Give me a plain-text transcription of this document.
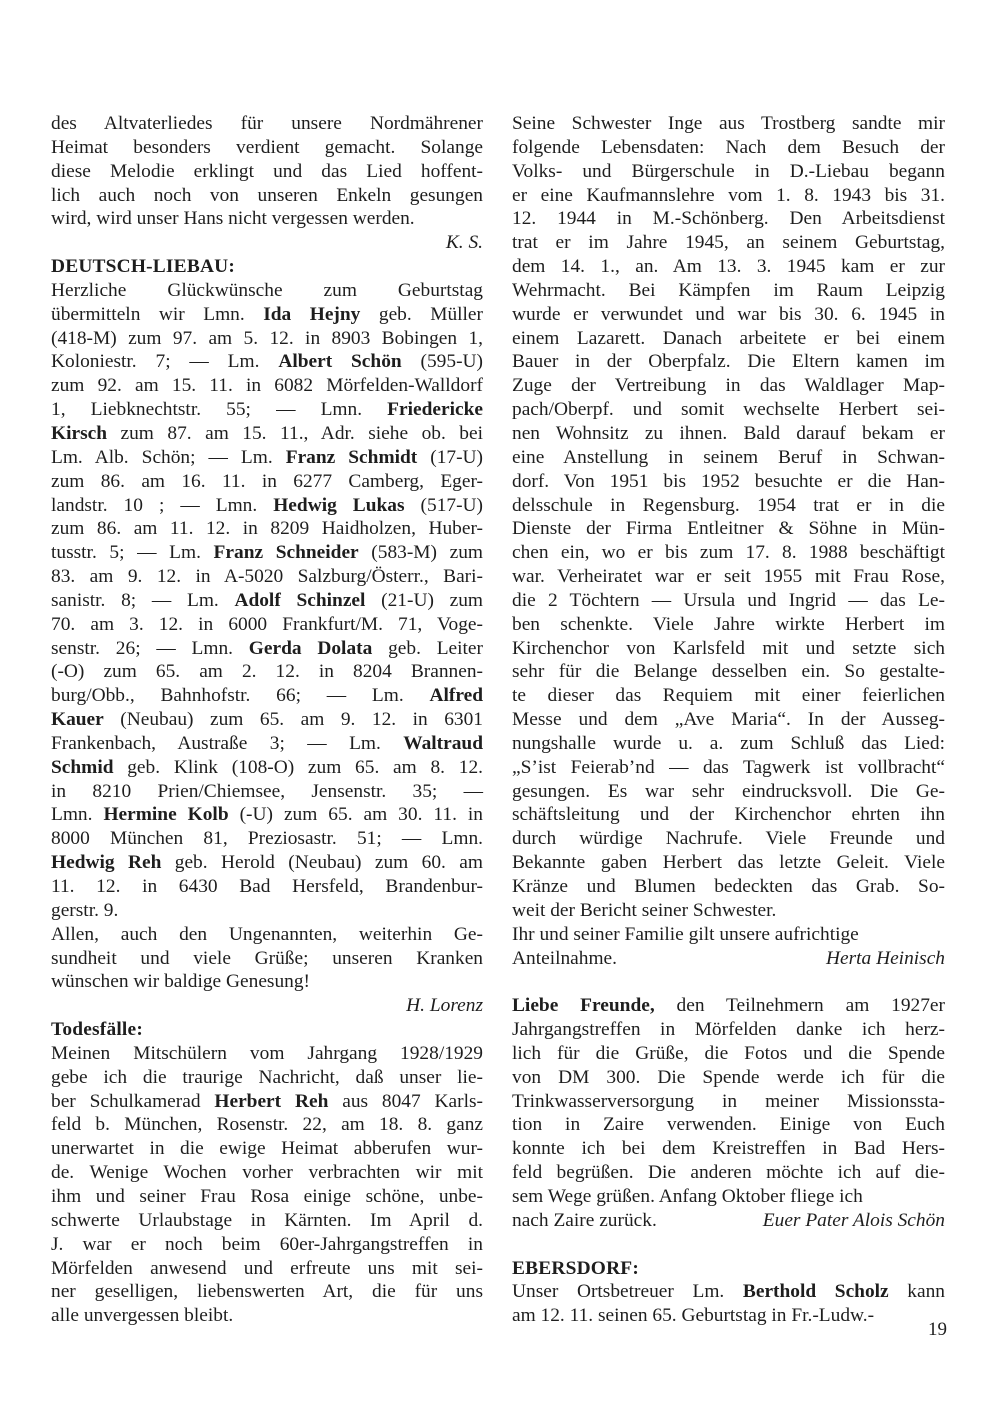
des Altvaterliedes für unsere Nordmährener
Heimat besonders verdient gemacht. Solange
diese Melodie erklingt und das Lied hoffent-
lich auch noch von unseren Enkeln gesungen
wird, wird unser Hans nicht vergessen werden.
K. S.
DEUTSCH-LIEBAU:
Herzliche Glückwünsche zum Geburtstag
übermitteln wir Lmn. Ida Hejny geb. Müller
(418-M) zum 97. am 5. 12. in 8903 Bobingen 1,
Koloniestr. 7; — Lm. Albert Schön (595-U)
zum 92. am 15. 11. in 6082 Mörfelden-Walldorf
1, Liebknechtstr. 55; — Lmn. Friedericke
Kirsch zum 87. am 15. 11., Adr. siehe ob. bei
Lm. Alb. Schön; — Lm. Franz Schmidt (17-U)
zum 86. am 16. 11. in 6277 Camberg, Eger-
landstr. 10 ; — Lmn. Hedwig Lukas (517-U)
zum 86. am 11. 12. in 8209 Haidholzen, Huber-
tusstr. 5; — Lm. Franz Schneider (583-M) zum
83. am 9. 12. in A-5020 Salzburg/Österr., Bari-
sanistr. 8; — Lm. Adolf Schinzel (21-U) zum
70. am 3. 12. in 6000 Frankfurt/M. 71, Voge-
senstr. 26; — Lmn. Gerda Dolata geb. Leiter
(-O) zum 65. am 2. 12. in 8204 Brannen-
burg/Obb., Bahnhofstr. 66; — Lm. Alfred
Kauer (Neubau) zum 65. am 9. 12. in 6301
Frankenbach, Austraße 3; — Lm. Waltraud
Schmid geb. Klink (108-O) zum 65. am 8. 12.
in 8210 Prien/Chiemsee, Jensenstr. 35; —
Lmn. Hermine Kolb (-U) zum 65. am 30. 11. in
8000 München 81, Preziosastr. 51; — Lmn.
Hedwig Reh geb. Herold (Neubau) zum 60. am
11. 12. in 6430 Bad Hersfeld, Brandenbur-
gerstr. 9.
Allen, auch den Ungenannten, weiterhin Ge-
sundheit und viele Grüße; unseren Kranken
wünschen wir baldige Genesung!
H. Lorenz
Todesfälle:
Meinen Mitschülern vom Jahrgang 1928/1929
gebe ich die traurige Nachricht, daß unser lie-
ber Schulkamerad Herbert Reh aus 8047 Karls-
feld b. München, Rosenstr. 22, am 18. 8. ganz
unerwartet in die ewige Heimat abberufen wur-
de. Wenige Wochen vorher verbrachten wir mit
ihm und seiner Frau Rosa einige schöne, unbe-
schwerte Urlaubstage in Kärnten. Im April d.
J. war er noch beim 60er-Jahrgangstreffen in
Mörfelden anwesend und erfreute uns mit sei-
ner geselligen, liebenswerten Art, die für uns
alle unvergessen bleibt.
Seine Schwester Inge aus Trostberg sandte mir
folgende Lebensdaten: Nach dem Besuch der
Volks- und Bürgerschule in D.-Liebau begann
er eine Kaufmannslehre vom 1. 8. 1943 bis 31.
12. 1944 in M.-Schönberg. Den Arbeitsdienst
trat er im Jahre 1945, an seinem Geburtstag,
dem 14. 1., an. Am 13. 3. 1945 kam er zur
Wehrmacht. Bei Kämpfen im Raum Leipzig
wurde er verwundet und war bis 30. 6. 1945 in
einem Lazarett. Danach arbeitete er bei einem
Bauer in der Oberpfalz. Die Eltern kamen im
Zuge der Vertreibung in das Waldlager Map-
pach/Oberpf. und somit wechselte Herbert sei-
nen Wohnsitz zu ihnen. Bald darauf bekam er
eine Anstellung in seinem Beruf in Schwan-
dorf. Von 1951 bis 1952 besuchte er die Han-
delsschule in Regensburg. 1954 trat er in die
Dienste der Firma Entleitner & Söhne in Mün-
chen ein, wo er bis zum 17. 8. 1988 beschäftigt
war. Verheiratet war er seit 1955 mit Frau Rose,
die 2 Töchtern — Ursula und Ingrid — das Le-
ben schenkte. Viele Jahre wirkte Herbert im
Kirchenchor von Karlsfeld mit und setzte sich
sehr für die Belange desselben ein. So gestalte-
te dieser das Requiem mit einer feierlichen
Messe und dem „Ave Maria“. In der Ausseg-
nungshalle wurde u. a. zum Schluß das Lied:
„S’ist Feierab’nd — das Tagwerk ist vollbracht“
gesungen. Es war sehr eindrucksvoll. Die Ge-
schäftsleitung und der Kirchenchor ehrten ihn
durch würdige Nachrufe. Viele Freunde und
Bekannte gaben Herbert das letzte Geleit. Viele
Kränze und Blumen bedeckten das Grab. So-
weit der Bericht seiner Schwester.
Ihr und seiner Familie gilt unsere aufrichtige
Anteilnahme.	Herta Heinisch
Liebe Freunde, den Teilnehmern am 1927er
Jahrgangstreffen in Mörfelden danke ich herz-
lich für die Grüße, die Fotos und die Spende
von DM 300. Die Spende werde ich für die
Trinkwasserversorgung in meiner Missionssta-
tion in Zaire verwenden. Einige von Euch
konnte ich bei dem Kreistreffen in Bad Hers-
feld begrüßen. Die anderen möchte ich auf die-
sem Wege grüßen. Anfang Oktober fliege ich
nach Zaire zurück.	Euer Pater Alois Schön
EBERSDORF:
Unser Ortsbetreuer Lm. Berthold Scholz kann
am 12. 11. seinen 65. Geburtstag in Fr.-Ludw.-
19
